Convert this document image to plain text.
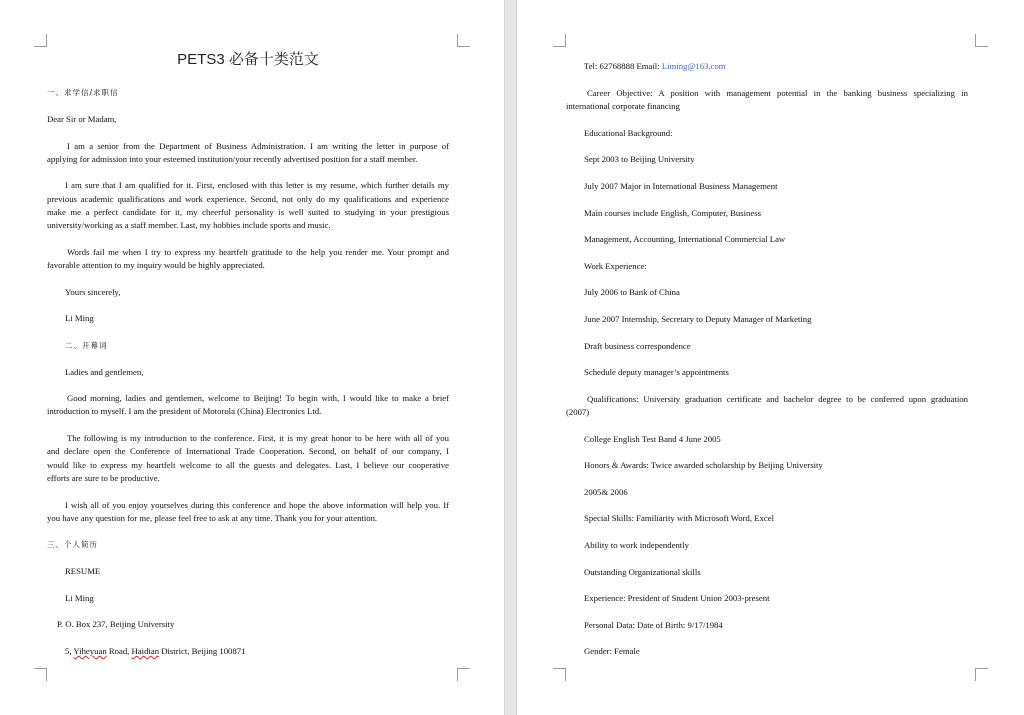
PETS3 必备十类范文
一、求学信/求职信
Dear Sir or Madam,
I am a senior from the Department of Business Administration. I am writing the letter in purpose of
applying for admission into your esteemed institution/your recently advertised position for a staff member.
I am sure that I am qualified for it. First, enclosed with this letter is my resume, which further details my
previous academic qualifications and work experience. Second, not only do my qualifications and experience
make me a perfect candidate for it, my cheerful personality is well suited to studying in your prestigious
university/working as a staff member. Last, my hobbies include sports and music.
Words fail me when I try to express my heartfelt gratitude to the help you render me. Your prompt and
favorable attention to my inquiry would be highly appreciated.
Yours sincerely,
Li Ming
二、开幕词
Ladies and gentlemen,
Good morning, ladies and gentlemen, welcome to Beijing! To begin with, I would like to make a brief
introduction to myself. I am the president of Motorola (China) Electronics Ltd.
The following is my introduction to the conference. First, it is my great honor to be here with all of you
and declare open the Conference of International Trade Cooperation. Second, on behalf of our company, I
would like to express my heartfelt welcome to all the guests and delegates. Last, I believe our cooperative
efforts are sure to be productive.
I wish all of you enjoy yourselves during this conference and hope the above information will help you. If
you have any question for me, please feel free to ask at any time. Thank you for your attention.
三、个人简历
RESUME
Li Ming
P. O. Box 237, Beijing University
5, Yiheyuan Road, Haidian District, Beijing 100871
Tel: 62768888 Email: Liming@163.com
Career Objective: A position with management potential in the banking business specializing in
international corporate financing
Educational Background:
Sept 2003 to Beijing University
July 2007 Major in International Business Management
Main courses include English, Computer, Business
Management, Accounting, International Commercial Law
Work Experience:
July 2006 to Bank of China
June 2007 Internship, Secretary to Deputy Manager of Marketing
Draft business correspondence
Schedule deputy manager’s appointments
Qualifications: University graduation certificate and bachelor degree to be conferred upon graduation
(2007)
College English Test Band 4 June 2005
Honors & Awards: Twice awarded scholarship by Beijing University
2005& 2006
Special Skills: Familiarity with Microsoft Word, Excel
Ability to work independently
Outstanding Organizational skills
Experience: President of Student Union 2003-present
Personal Data: Date of Birth: 9/17/1984
Gender: Female
